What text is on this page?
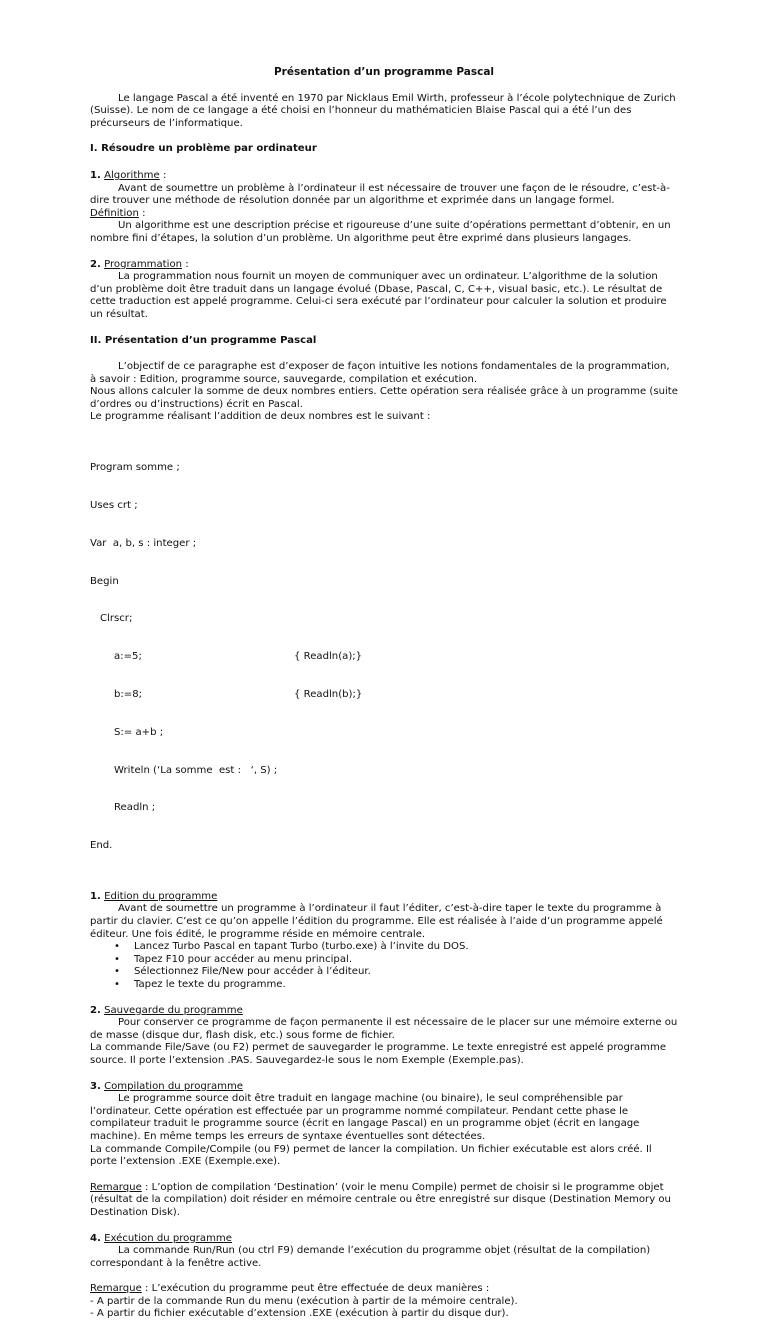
Présentation d’un programme Pascal

Le langage Pascal a été inventé en 1970 par Nicklaus Emil Wirth, professeur à l’école polytechnique de Zurich (Suisse). Le nom de ce langage a été choisi en l’honneur du mathématicien Blaise Pascal qui a été l’un des précurseurs de l’informatique.

I. Résoudre un problème par ordinateur

1. Algorithme :

Avant de soumettre un problème à l’ordinateur il est nécessaire de trouver une façon de le résoudre, c’est-à-dire trouver une méthode de résolution donnée par un algorithme et exprimée dans un langage formel.

Définition :

Un algorithme est une description précise et rigoureuse d’une suite d’opérations permettant d’obtenir, en un nombre fini d’étapes, la solution d’un problème. Un algorithme peut être exprimé dans plusieurs langages.

2. Programmation :

La programmation nous fournit un moyen de communiquer avec un ordinateur. L’algorithme de la solution d’un problème doit être traduit dans un langage évolué (Dbase, Pascal, C, C++, visual basic, etc.). Le résultat de cette traduction est appelé programme. Celui-ci sera exécuté par l’ordinateur pour calculer la solution et produire un résultat.

II. Présentation d’un programme Pascal

L’objectif de ce paragraphe est d’exposer de façon intuitive les notions fondamentales de la programmation, à savoir : Edition, programme source, sauvegarde, compilation et exécution.

Nous allons calculer la somme de deux nombres entiers. Cette opération sera réalisée grâce à un programme (suite d’ordres ou d’instructions) écrit en Pascal.

Le programme réalisant l’addition de deux nombres est le suivant :

Program somme ;

Uses crt ;

Var  a, b, s : integer ;

Begin

Clrscr;

a:=5;	{ Readln(a);}

b:=8;	{ Readln(b);}

S:= a+b ;

Writeln (‘La somme  est :   ‘, S) ;

Readln ;

End.

1. Edition du programme

Avant de soumettre un programme à l’ordinateur il faut l’éditer, c’est-à-dire taper le texte du programme à partir du clavier. C’est ce qu’on appelle l’édition du programme. Elle est réalisée à l’aide d’un programme appelé éditeur. Une fois édité, le programme réside en mémoire centrale.

• Lancez Turbo Pascal en tapant Turbo (turbo.exe) à l’invite du DOS.
• Tapez F10 pour accéder au menu principal.
• Sélectionnez File/New pour accéder à l’éditeur.
• Tapez le texte du programme.

2. Sauvegarde du programme

Pour conserver ce programme de façon permanente il est nécessaire de le placer sur une mémoire externe ou de masse (disque dur, flash disk, etc.) sous forme de fichier.

La commande File/Save (ou F2) permet de sauvegarder le programme. Le texte enregistré est appelé programme source. Il porte l’extension .PAS. Sauvegardez-le sous le nom Exemple (Exemple.pas).

3. Compilation du programme

Le programme source doit être traduit en langage machine (ou binaire), le seul compréhensible par l’ordinateur. Cette opération est effectuée par un programme nommé compilateur. Pendant cette phase le compilateur traduit le programme source (écrit en langage Pascal) en un programme objet (écrit en langage machine). En même temps les erreurs de syntaxe éventuelles sont détectées.

La commande Compile/Compile (ou F9) permet de lancer la compilation. Un fichier exécutable est alors créé. Il porte l’extension .EXE (Exemple.exe).

Remarque : L’option de compilation ‘Destination’ (voir le menu Compile) permet de choisir si le programme objet (résultat de la compilation) doit résider en mémoire centrale ou être enregistré sur disque (Destination Memory ou Destination Disk).

4. Exécution du programme

La commande Run/Run (ou ctrl F9) demande l’exécution du programme objet (résultat de la compilation) correspondant à la fenêtre active.

Remarque : L’exécution du programme peut être effectuée de deux manières :

- A partir de la commande Run du menu (exécution à partir de la mémoire centrale).

- A partir du fichier exécutable d’extension .EXE (exécution à partir du disque dur).
